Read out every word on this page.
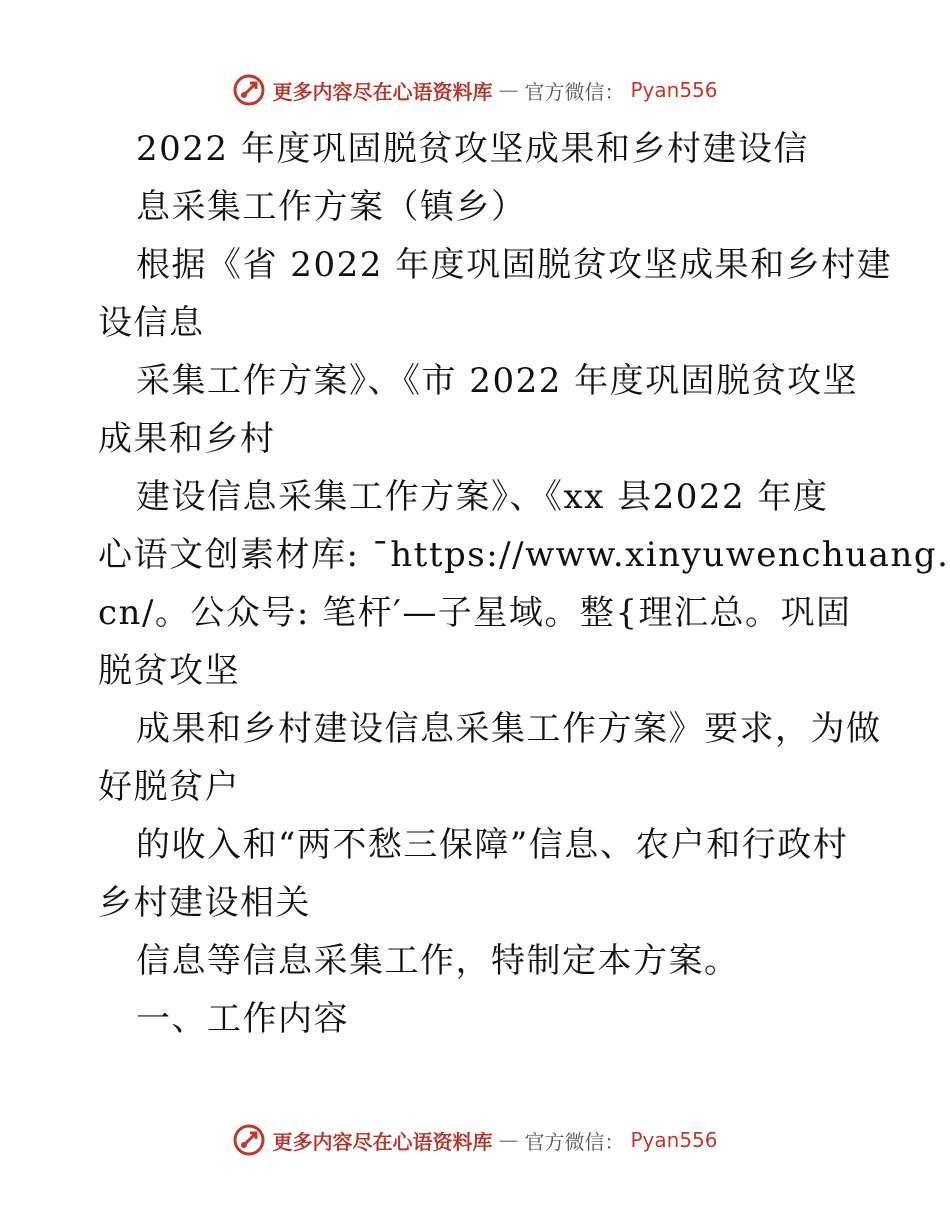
更多内容尽在心语资料库 — 官方微信： Pyan556
2022 年度巩固脱贫攻坚成果和乡村建设信
息采集工作方案（镇乡）
根据《省 2022 年度巩固脱贫攻坚成果和乡村建
设信息
采集工作方案》、《市 2022 年度巩固脱贫攻坚
成果和乡村
建设信息采集工作方案》、《xx 县2022 年度
心语文创素材库: ¯https://www.xinyuwenchuang.
cn/。公众号: 笔杆′—子星域。整{理汇总。巩固
脱贫攻坚
成果和乡村建设信息采集工作方案》要求，为做
好脱贫户
的收入和“两不愁三保障”信息、农户和行政村
乡村建设相关
信息等信息采集工作，特制定本方案。
一、工作内容
更多内容尽在心语资料库 — 官方微信： Pyan556
